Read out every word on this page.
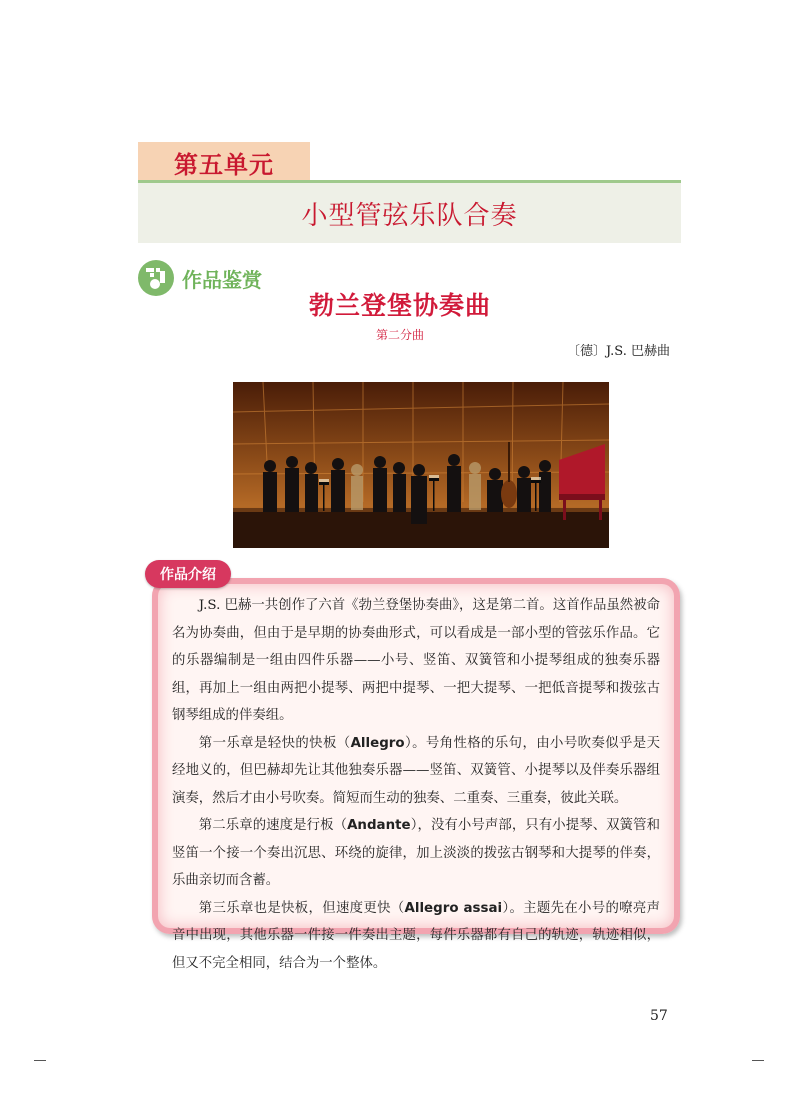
第五单元
小型管弦乐队合奏
作品鉴赏
勃兰登堡协奏曲
第二分曲
〔德〕J.S. 巴赫曲
作品介绍

J.S. 巴赫一共创作了六首《勃兰登堡协奏曲》，这是第二首。这首作品虽然被命名为协奏曲，但由于是早期的协奏曲形式，可以看成是一部小型的管弦乐作品。它的乐器编制是一组由四件乐器——小号、竖笛、双簧管和小提琴组成的独奏乐器组，再加上一组由两把小提琴、两把中提琴、一把大提琴、一把低音提琴和拨弦古钢琴组成的伴奏组。

第一乐章是轻快的快板（Allegro）。号角性格的乐句，由小号吹奏似乎是天经地义的，但巴赫却先让其他独奏乐器——竖笛、双簧管、小提琴以及伴奏乐器组演奏，然后才由小号吹奏。简短而生动的独奏、二重奏、三重奏，彼此关联。

第二乐章的速度是行板（Andante），没有小号声部，只有小提琴、双簧管和竖笛一个接一个奏出沉思、环绕的旋律，加上淡淡的拨弦古钢琴和大提琴的伴奏，乐曲亲切而含蓄。

第三乐章也是快板，但速度更快（Allegro assai）。主题先在小号的嘹亮声音中出现，其他乐器一件接一件奏出主题，每件乐器都有自己的轨迹，轨迹相似，但又不完全相同，结合为一个整体。

57
